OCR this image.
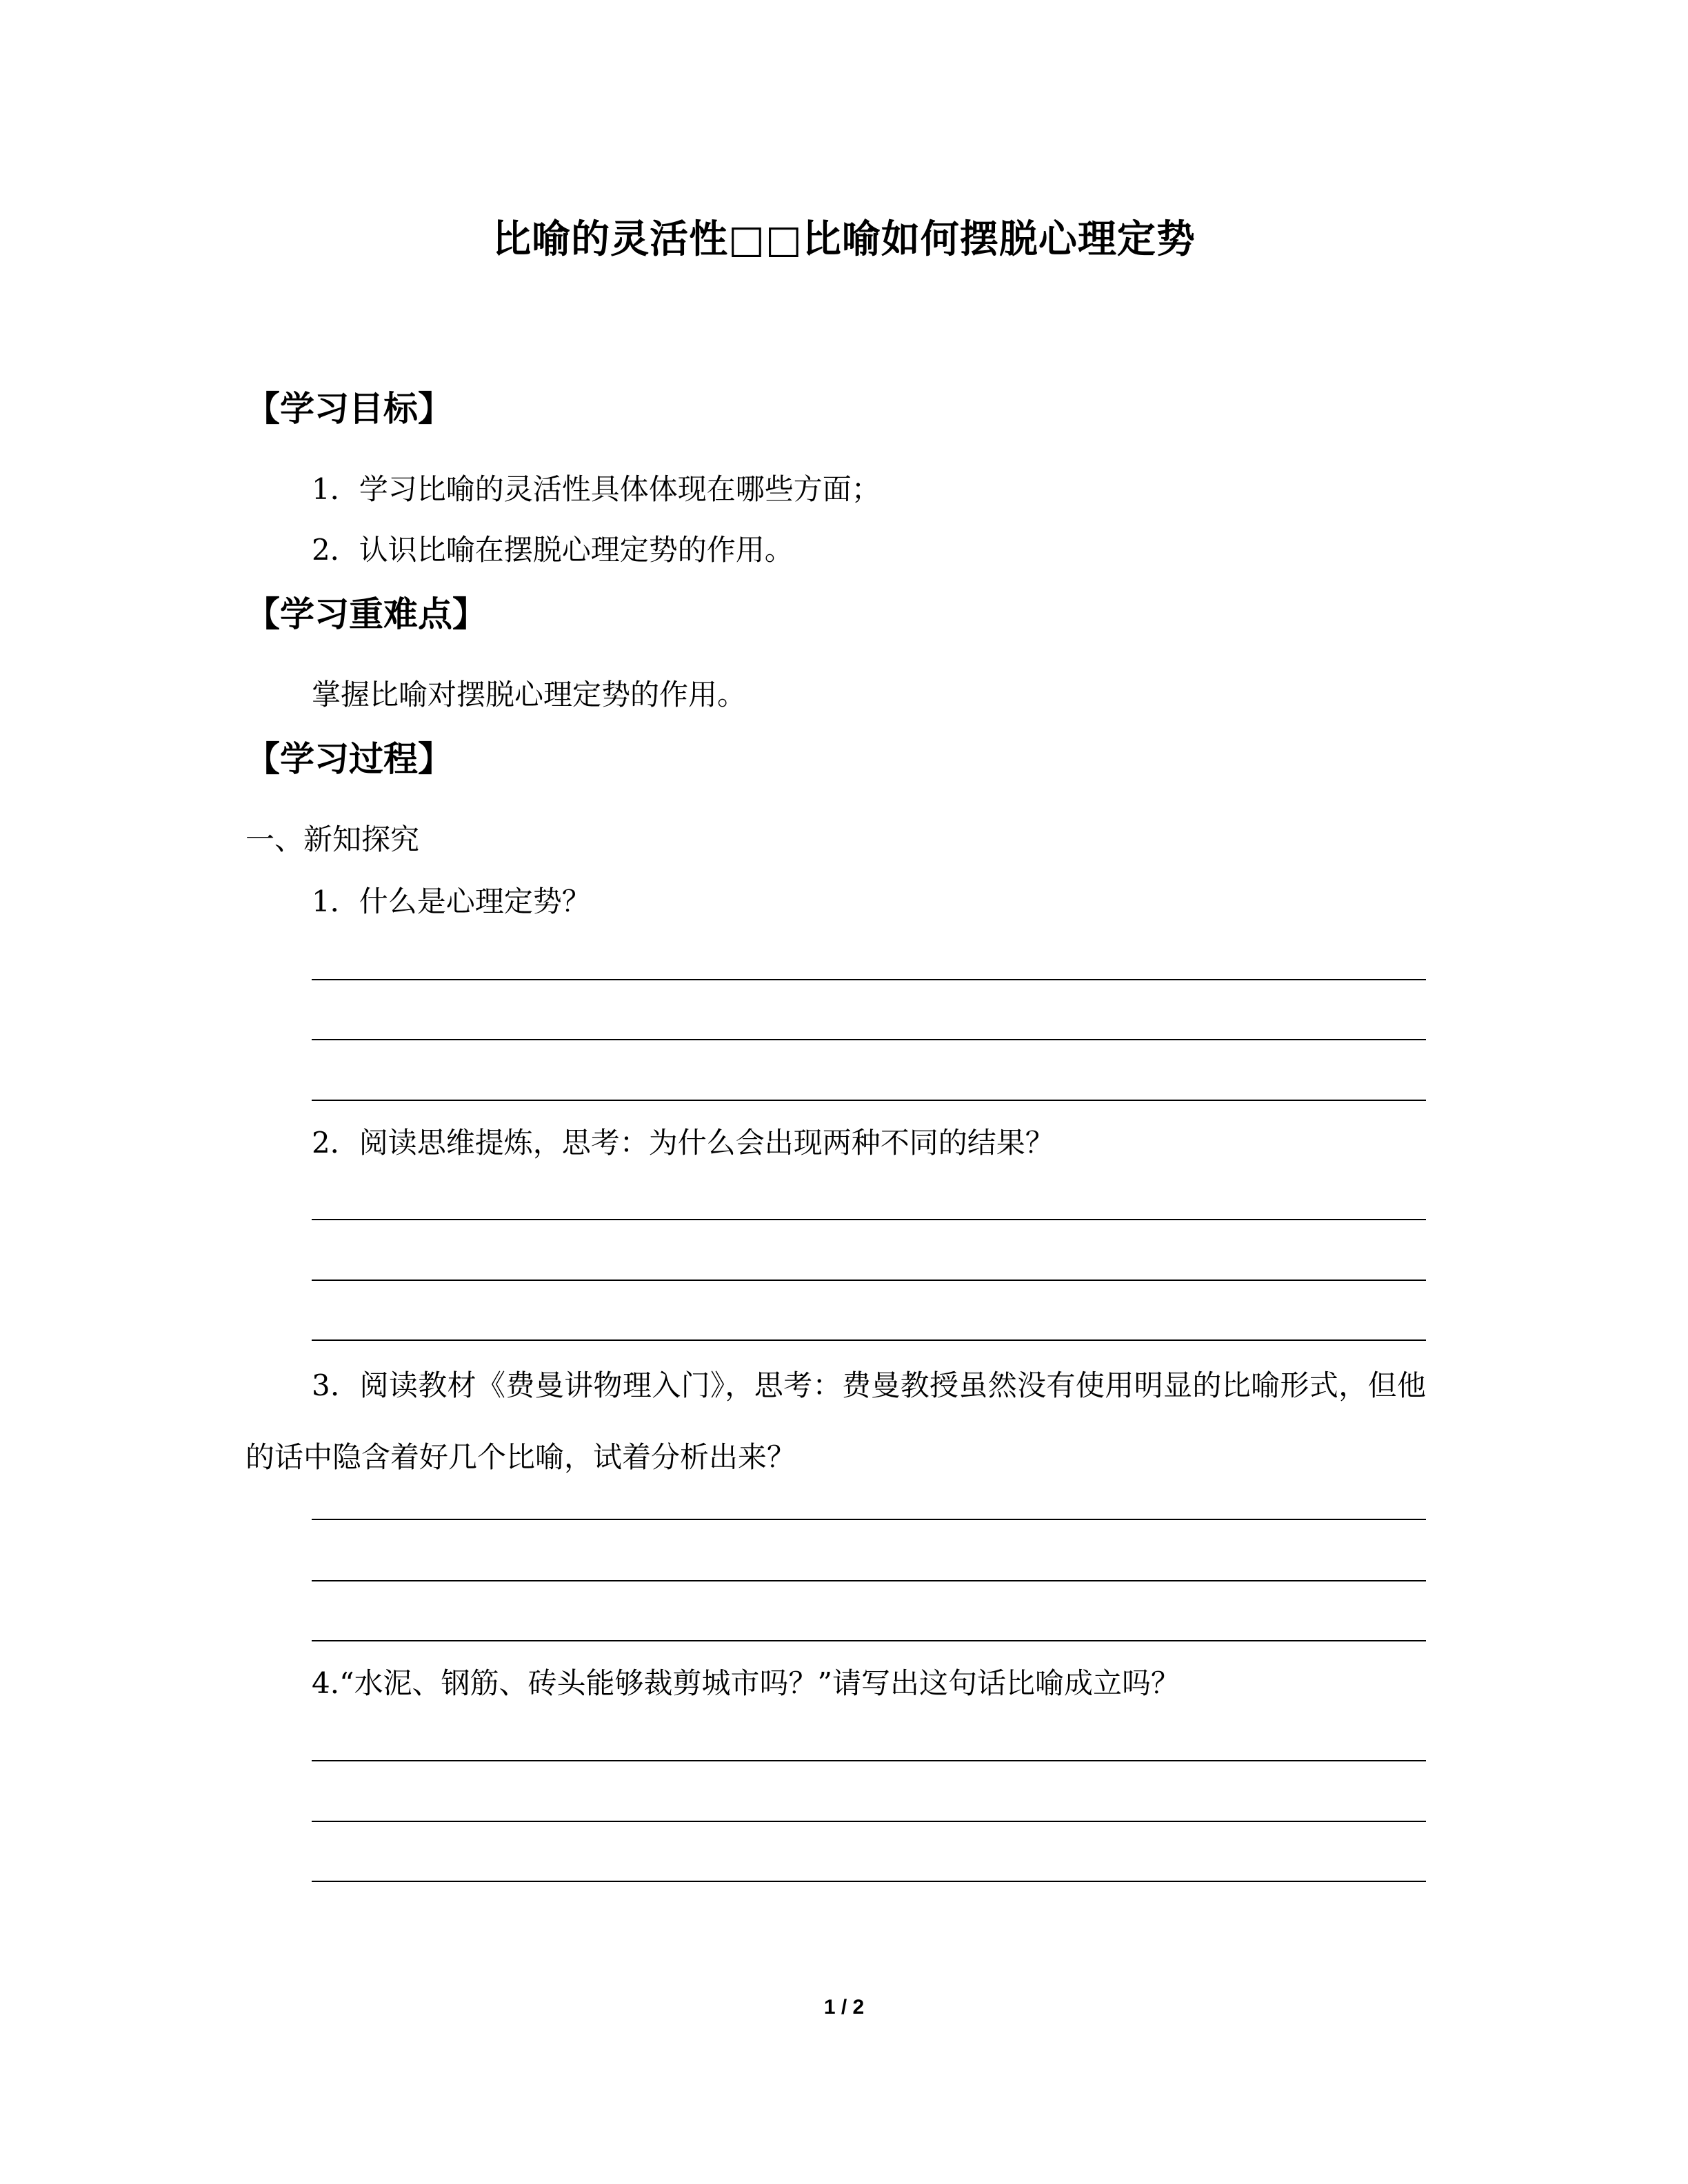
比喻的灵活性□□比喻如何摆脱心理定势
【学习目标】
1．学习比喻的灵活性具体体现在哪些方面；
2．认识比喻在摆脱心理定势的作用。
【学习重难点】
掌握比喻对摆脱心理定势的作用。
【学习过程】
一、新知探究
1．什么是心理定势？
2．阅读思维提炼，思考：为什么会出现两种不同的结果？
3．阅读教材《费曼讲物理入门》，思考：费曼教授虽然没有使用明显的比喻形式，但他的话中隐含着好几个比喻，试着分析出来？
4.“水泥、钢筋、砖头能够裁剪城市吗？”请写出这句话比喻成立吗？
1 / 2
